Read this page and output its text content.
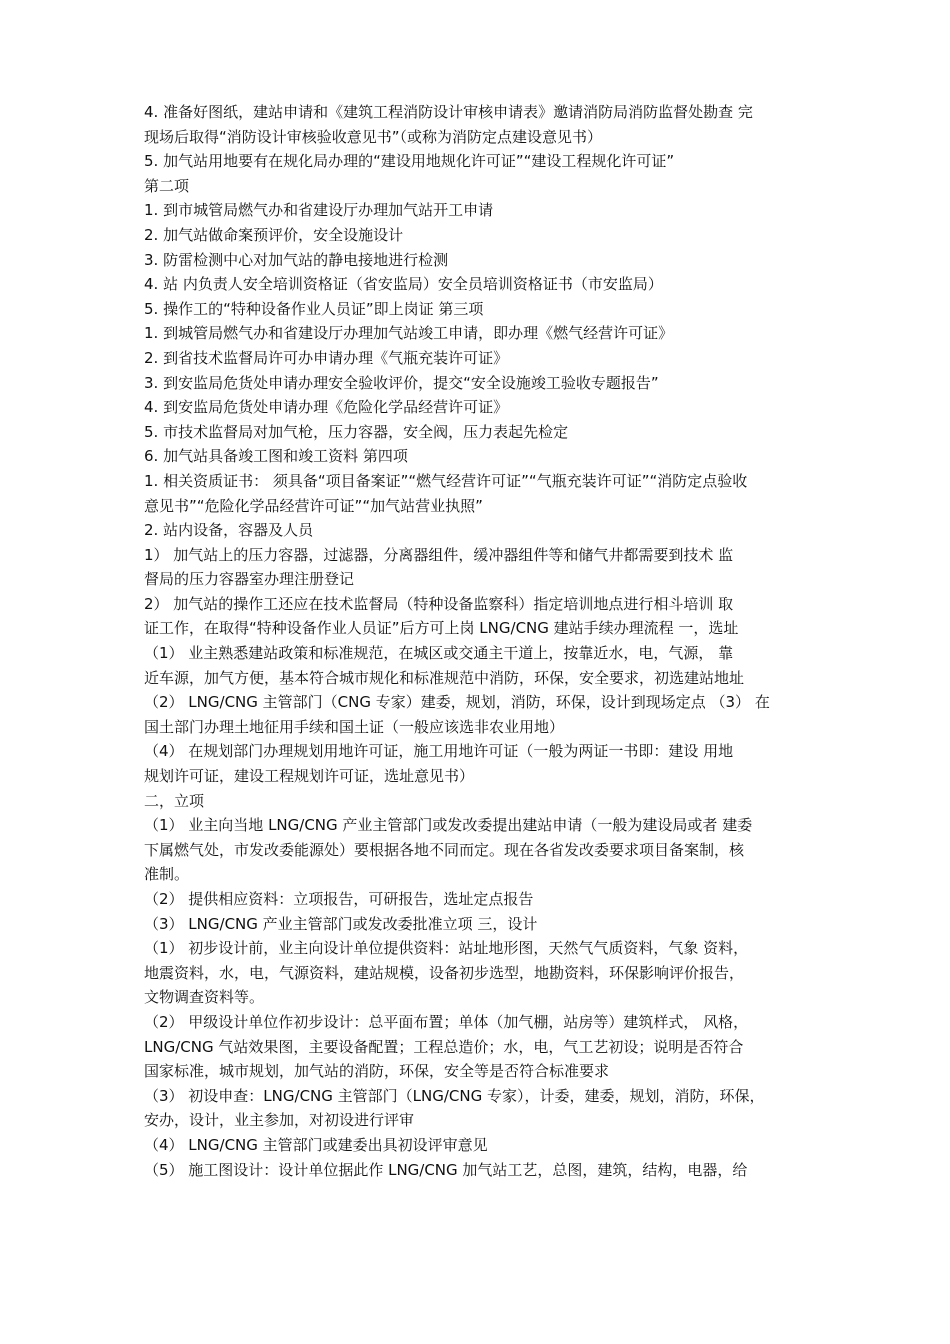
4. 准备好图纸，建站申请和《建筑工程消防设计审核申请表》邀请消防局消防监督处勘查 完
现场后取得“消防设计审核验收意见书”（或称为消防定点建设意见书）
5. 加气站用地要有在规化局办理的“建设用地规化许可证”“建设工程规化许可证”
第二项
1. 到市城管局燃气办和省建设厅办理加气站开工申请
2. 加气站做命案预评价，安全设施设计
3. 防雷检测中心对加气站的静电接地进行检测
4. 站 内负责人安全培训资格证（省安监局）安全员培训资格证书（市安监局）
5. 操作工的“特种设备作业人员证”即上岗证 第三项
1. 到城管局燃气办和省建设厅办理加气站竣工申请，即办理《燃气经营许可证》
2. 到省技术监督局许可办申请办理《气瓶充装许可证》
3. 到安监局危货处申请办理安全验收评价，提交“安全设施竣工验收专题报告”
4. 到安监局危货处申请办理《危险化学品经营许可证》
5. 市技术监督局对加气枪，压力容器，安全阀，压力表起先检定
6. 加气站具备竣工图和竣工资料 第四项
1. 相关资质证书： 须具备“项目备案证”“燃气经营许可证”“气瓶充装许可证”“消防定点验收
意见书”“危险化学品经营许可证”“加气站营业执照”
2. 站内设备，容器及人员
1） 加气站上的压力容器，过滤器，分离器组件，缓冲器组件等和储气井都需要到技术 监
督局的压力容器室办理注册登记
2） 加气站的操作工还应在技术监督局（特种设备监察科）指定培训地点进行相斗培训 取
证工作，在取得“特种设备作业人员证”后方可上岗 LNG/CNG 建站手续办理流程 一，选址
（1） 业主熟悉建站政策和标准规范，在城区或交通主干道上，按靠近水，电，气源， 靠
近车源，加气方便，基本符合城市规化和标准规范中消防，环保，安全要求，初选建站地址
（2） LNG/CNG 主管部门（CNG 专家）建委，规划，消防，环保，设计到现场定点 （3） 在
国土部门办理土地征用手续和国土证（一般应该选非农业用地）
（4） 在规划部门办理规划用地许可证，施工用地许可证（一般为两证一书即：建设 用地
规划许可证，建设工程规划许可证，选址意见书）
二，立项
（1） 业主向当地 LNG/CNG 产业主管部门或发改委提出建站申请（一般为建设局或者 建委
下属燃气处，市发改委能源处）要根据各地不同而定。现在各省发改委要求项目备案制，核
准制。
（2） 提供相应资料：立项报告，可研报告，选址定点报告
（3） LNG/CNG 产业主管部门或发改委批准立项 三，设计
（1） 初步设计前，业主向设计单位提供资料：站址地形图，天然气气质资料，气象 资料，
地震资料，水，电，气源资料，建站规模，设备初步选型，地勘资料，环保影响评价报告，
文物调查资料等。
（2） 甲级设计单位作初步设计：总平面布置；单体（加气棚，站房等）建筑样式， 风格，
LNG/CNG 气站效果图，主要设备配置；工程总造价；水，电，气工艺初设；说明是否符合
国家标准，城市规划，加气站的消防，环保，安全等是否符合标准要求
（3） 初设申查：LNG/CNG 主管部门（LNG/CNG 专家），计委，建委，规划，消防，环保，
安办，设计，业主参加，对初设进行评审
（4） LNG/CNG 主管部门或建委出具初设评审意见
（5） 施工图设计：设计单位据此作 LNG/CNG 加气站工艺，总图，建筑，结构，电器，给
